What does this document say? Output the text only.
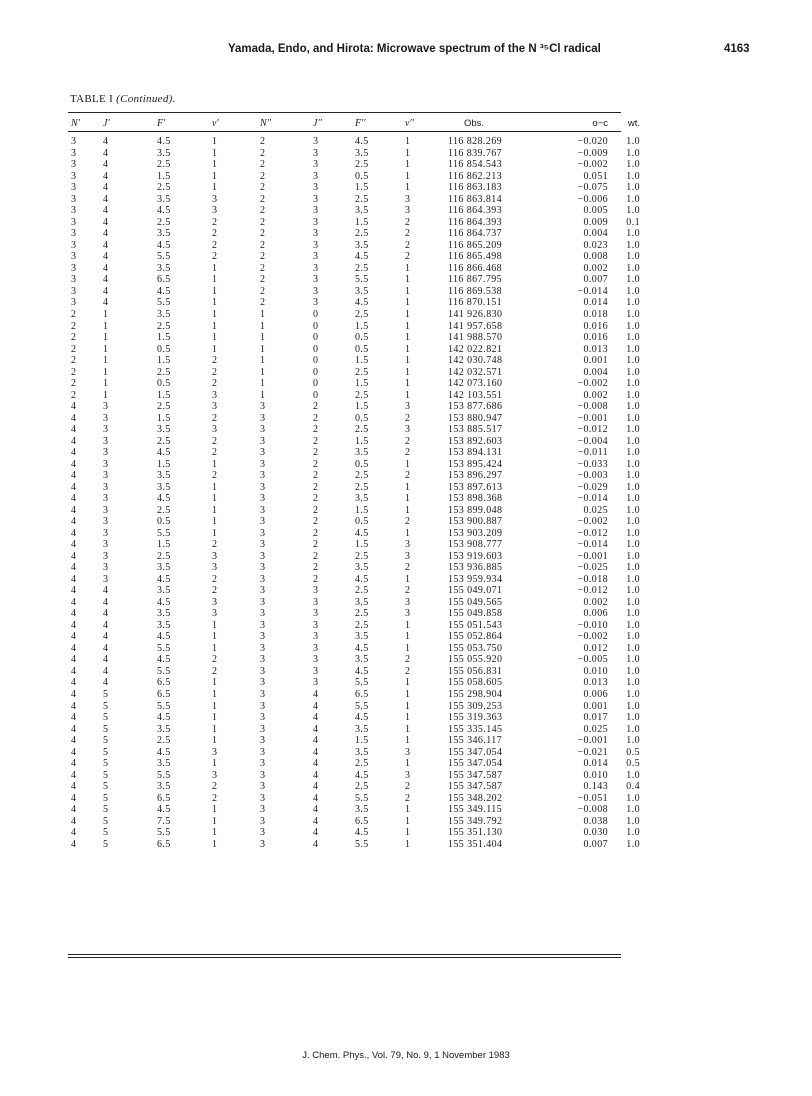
Yamada, Endo, and Hirota: Microwave spectrum of the N ³⁵Cl radical	4163
TABLE I (Continued).
N'	J'	F'	v'	N''	J''	F''	v''	Obs.	o−c	wt.
3	4	4.5	1	2	3	4.5	1	116 828.269	−0.020	1.0
3	4	3.5	1	2	3	3.5	1	116 839.767	−0.009	1.0
3	4	2.5	1	2	3	2.5	1	116 854.543	−0.002	1.0
3	4	1.5	1	2	3	0.5	1	116 862.213	0.051	1.0
3	4	2.5	1	2	3	1.5	1	116 863.183	−0.075	1.0
3	4	3.5	3	2	3	2.5	3	116 863.814	−0.006	1.0
3	4	4.5	3	2	3	3.5	3	116 864.393	0.005	1.0
3	4	2.5	2	2	3	1.5	2	116 864.393	0.009	0.1
3	4	3.5	2	2	3	2.5	2	116 864.737	0.004	1.0
3	4	4.5	2	2	3	3.5	2	116 865.209	0.023	1.0
3	4	5.5	2	2	3	4.5	2	116 865.498	0.008	1.0
3	4	3.5	1	2	3	2.5	1	116 866.468	0.002	1.0
3	4	6.5	1	2	3	5.5	1	116 867.795	0.007	1.0
3	4	4.5	1	2	3	3.5	1	116 869.538	−0.014	1.0
3	4	5.5	1	2	3	4.5	1	116 870.151	0.014	1.0
2	1	3.5	1	1	0	2.5	1	141 926.830	0.018	1.0
2	1	2.5	1	1	0	1.5	1	141 957.658	0.016	1.0
2	1	1.5	1	1	0	0.5	1	141 988.570	0.016	1.0
2	1	0.5	1	1	0	0.5	1	142 022.821	0.013	1.0
2	1	1.5	2	1	0	1.5	1	142 030.748	0.001	1.0
2	1	2.5	2	1	0	2.5	1	142 032.571	0.004	1.0
2	1	0.5	2	1	0	1.5	1	142 073.160	−0.002	1.0
2	1	1.5	3	1	0	2.5	1	142 103.551	0.002	1.0
4	3	2.5	3	3	2	1.5	3	153 877.686	−0.008	1.0
4	3	1.5	2	3	2	0.5	2	153 880.947	−0.001	1.0
4	3	3.5	3	3	2	2.5	3	153 885.517	−0.012	1.0
4	3	2.5	2	3	2	1.5	2	153 892.603	−0.004	1.0
4	3	4.5	2	3	2	3.5	2	153 894.131	−0.011	1.0
4	3	1.5	1	3	2	0.5	1	153 895.424	−0.033	1.0
4	3	3.5	2	3	2	2.5	2	153 896.297	−0.003	1.0
4	3	3.5	1	3	2	2.5	1	153 897.613	−0.029	1.0
4	3	4.5	1	3	2	3.5	1	153 898.368	−0.014	1.0
4	3	2.5	1	3	2	1.5	1	153 899.048	0.025	1.0
4	3	0.5	1	3	2	0.5	2	153 900.887	−0.002	1.0
4	3	5.5	1	3	2	4.5	1	153 903.209	−0.012	1.0
4	3	1.5	2	3	2	1.5	3	153 908.777	−0.014	1.0
4	3	2.5	3	3	2	2.5	3	153 919.603	−0.001	1.0
4	3	3.5	3	3	2	3.5	2	153 936.885	−0.025	1.0
4	3	4.5	2	3	2	4.5	1	153 959.934	−0.018	1.0
4	4	3.5	2	3	3	2.5	2	155 049.071	−0.012	1.0
4	4	4.5	3	3	3	3.5	3	155 049.565	0.002	1.0
4	4	3.5	3	3	3	2.5	3	155 049.858	0.006	1.0
4	4	3.5	1	3	3	2.5	1	155 051.543	−0.010	1.0
4	4	4.5	1	3	3	3.5	1	155 052.864	−0.002	1.0
4	4	5.5	1	3	3	4.5	1	155 053.750	0.012	1.0
4	4	4.5	2	3	3	3.5	2	155 055.920	−0.005	1.0
4	4	5.5	2	3	3	4.5	2	155 056.831	0.010	1.0
4	4	6.5	1	3	3	5.5	1	155 058.605	0.013	1.0
4	5	6.5	1	3	4	6.5	1	155 298.904	0.006	1.0
4	5	5.5	1	3	4	5.5	1	155 309.253	0.001	1.0
4	5	4.5	1	3	4	4.5	1	155 319.363	0.017	1.0
4	5	3.5	1	3	4	3.5	1	155 335.145	0.025	1.0
4	5	2.5	1	3	4	1.5	1	155 346.117	−0.001	1.0
4	5	4.5	3	3	4	3.5	3	155 347.054	−0.021	0.5
4	5	3.5	1	3	4	2.5	1	155 347.054	0.014	0.5
4	5	5.5	3	3	4	4.5	3	155 347.587	0.010	1.0
4	5	3.5	2	3	4	2.5	2	155 347.587	0.143	0.4
4	5	6.5	2	3	4	5.5	2	155 348.202	−0.051	1.0
4	5	4.5	1	3	4	3.5	1	155 349.115	−0.008	1.0
4	5	7.5	1	3	4	6.5	1	155 349.792	0.038	1.0
4	5	5.5	1	3	4	4.5	1	155 351.130	0.030	1.0
4	5	6.5	1	3	4	5.5	1	155 351.404	0.007	1.0
J. Chem. Phys., Vol. 79, No. 9, 1 November 1983
